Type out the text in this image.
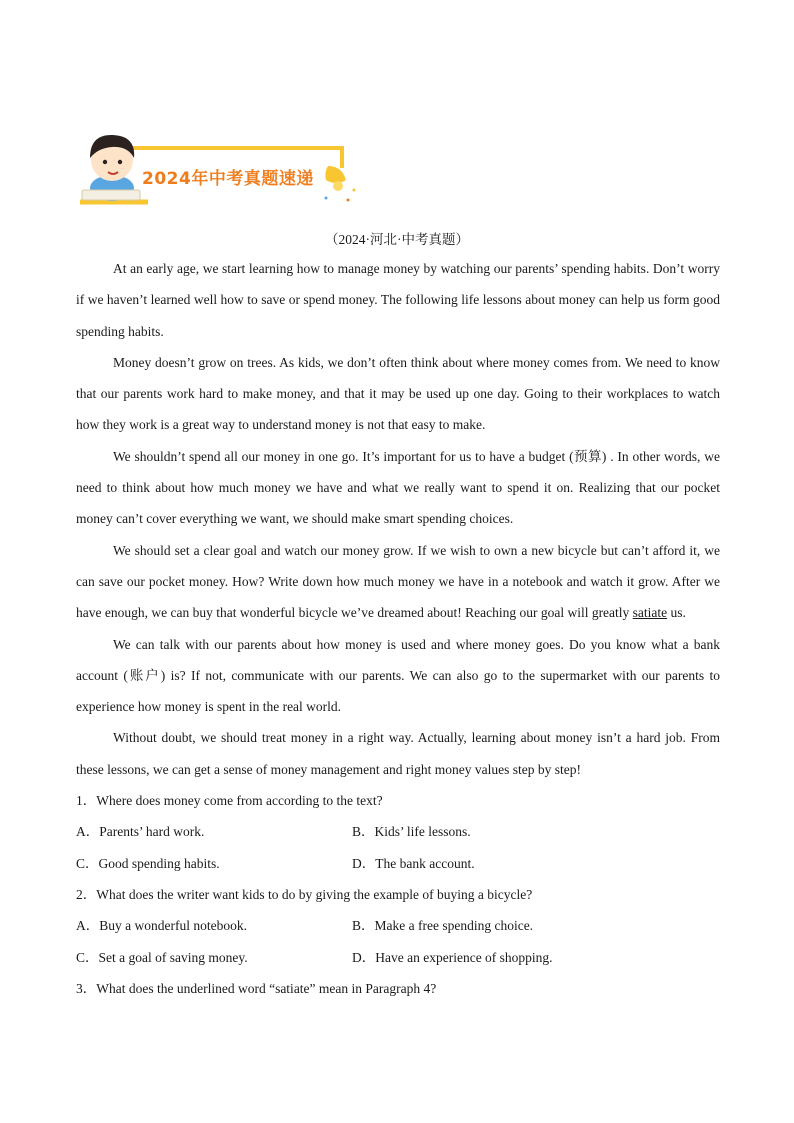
2024年中考真题速递
（2024·河北·中考真题）

At an early age, we start learning how to manage money by watching our parents’ spending habits. Don’t worry if we haven’t learned well how to save or spend money. The following life lessons about money can help us form good spending habits.

Money doesn’t grow on trees. As kids, we don’t often think about where money comes from. We need to know that our parents work hard to make money, and that it may be used up one day. Going to their workplaces to watch how they work is a great way to understand money is not that easy to make.

We shouldn’t spend all our money in one go. It’s important for us to have a budget (预算) . In other words, we need to think about how much money we have and what we really want to spend it on. Realizing that our pocket money can’t cover everything we want, we should make smart spending choices.

We should set a clear goal and watch our money grow. If we wish to own a new bicycle but can’t afford it, we can save our pocket money. How? Write down how much money we have in a notebook and watch it grow. After we have enough, we can buy that wonderful bicycle we’ve dreamed about! Reaching our goal will greatly satiate us.

We can talk with our parents about how money is used and where money goes. Do you know what a bank account (账户) is? If not, communicate with our parents. We can also go to the supermarket with our parents to experience how money is spent in the real world.

Without doubt, we should treat money in a right way. Actually, learning about money isn’t a hard job. From these lessons, we can get a sense of money management and right money values step by step!

1．Where does money come from according to the text?

A．Parents’ hard work.	B．Kids’ life lessons.
C．Good spending habits.	D．The bank account.

2．What does the writer want kids to do by giving the example of buying a bicycle?

A．Buy a wonderful notebook.	B．Make a free spending choice.
C．Set a goal of saving money.	D．Have an experience of shopping.

3．What does the underlined word “satiate” mean in Paragraph 4?
